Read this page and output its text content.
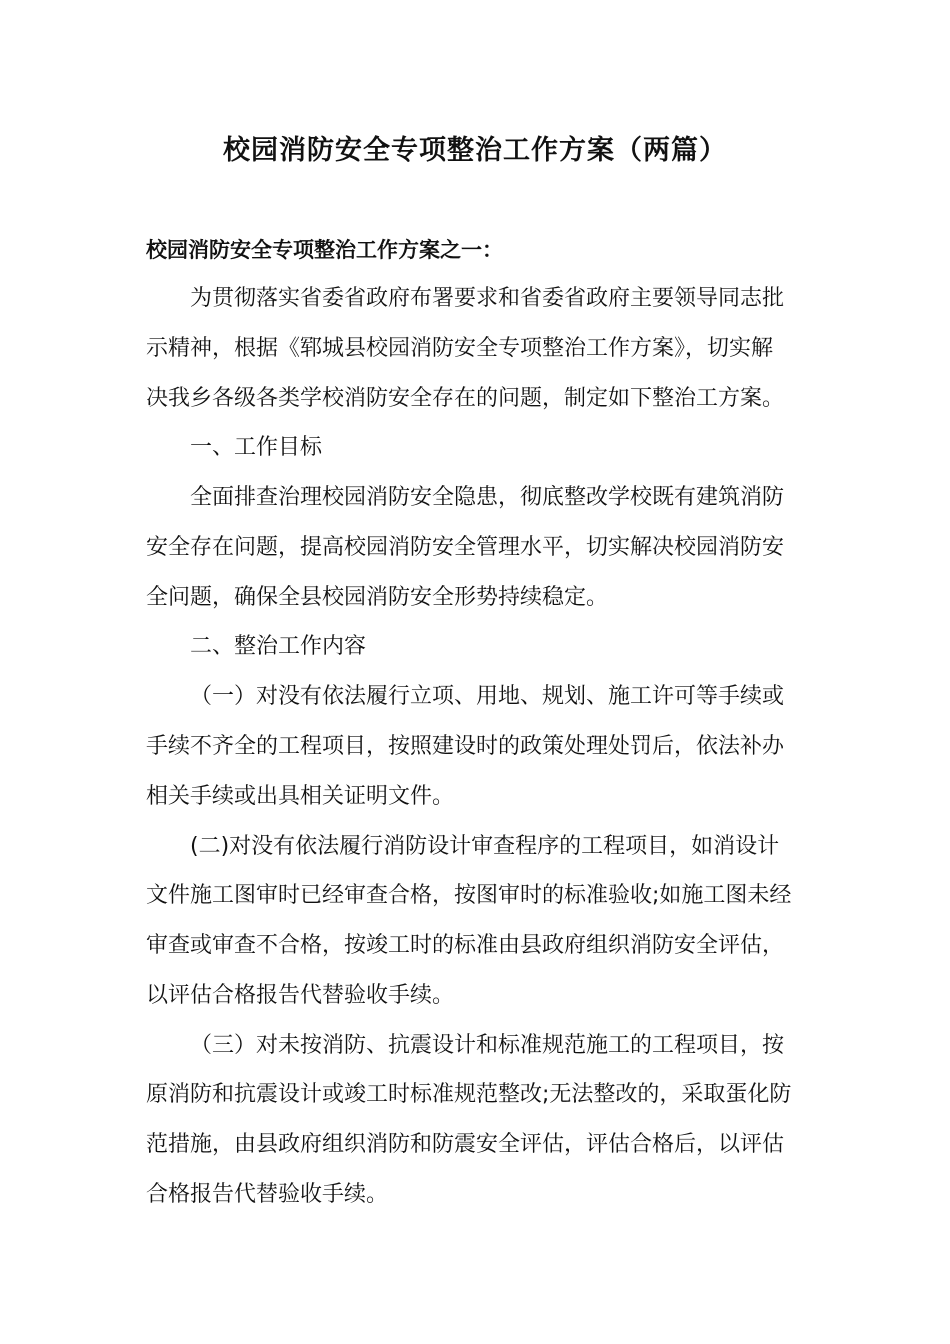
校园消防安全专项整治工作方案（两篇）
校园消防安全专项整治工作方案之一：
为贯彻落实省委省政府布署要求和省委省政府主要领导同志批
示精神，根据《郓城县校园消防安全专项整治工作方案》，切实解
决我乡各级各类学校消防安全存在的问题，制定如下整治工方案。
一、工作目标
全面排查治理校园消防安全隐患，彻底整改学校既有建筑消防
安全存在问题，提高校园消防安全管理水平，切实解决校园消防安
全问题，确保全县校园消防安全形势持续稳定。
二、整治工作内容
（一）对没有依法履行立项、用地、规划、施工许可等手续或
手续不齐全的工程项目，按照建设时的政策处理处罚后，依法补办
相关手续或出具相关证明文件。
(二)对没有依法履行消防设计审查程序的工程项目，如消设计
文件施工图审时已经审查合格，按图审时的标准验收;如施工图未经
审查或审查不合格，按竣工时的标准由县政府组织消防安全评估，
以评估合格报告代替验收手续。
（三）对未按消防、抗震设计和标准规范施工的工程项目，按
原消防和抗震设计或竣工时标准规范整改;无法整改的，采取蛋化防
范措施，由县政府组织消防和防震安全评估，评估合格后，以评估
合格报告代替验收手续。
